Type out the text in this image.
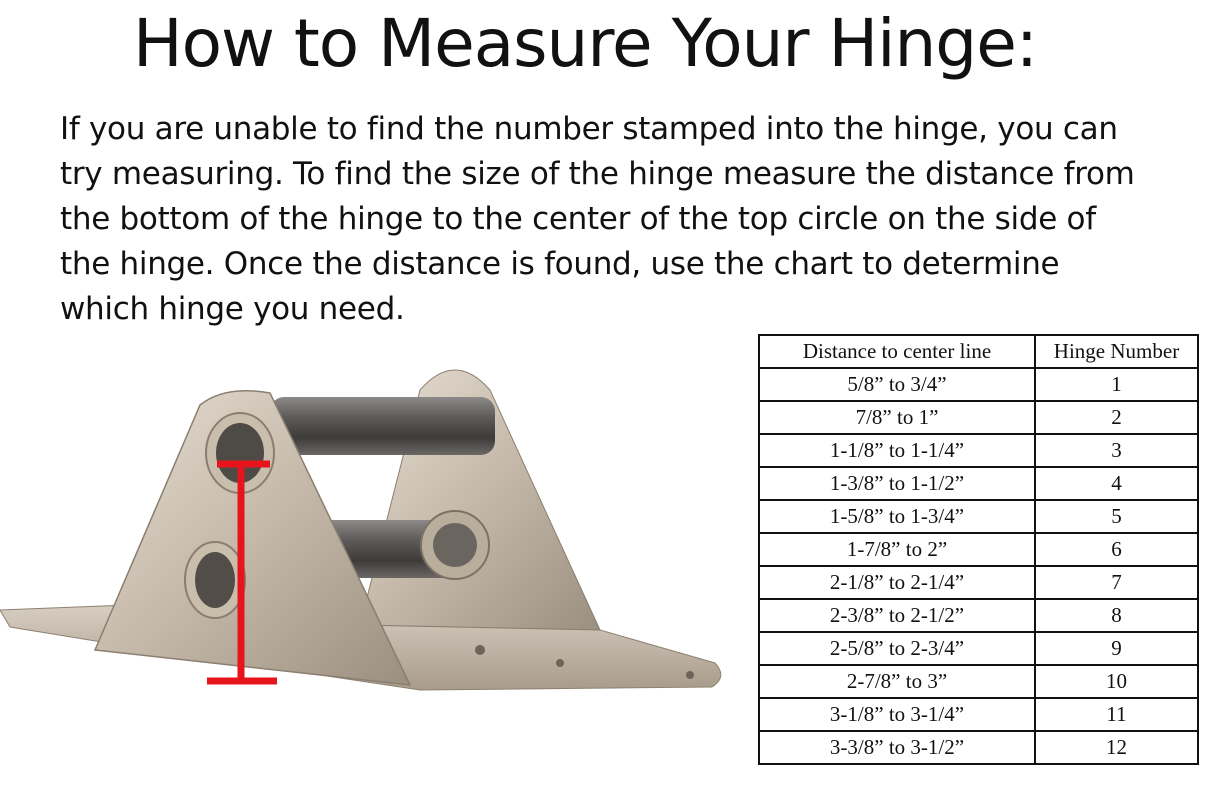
How to Measure Your Hinge:

If you are unable to find the number stamped into the hinge, you can try measuring. To find the size of the hinge measure the distance from the bottom of the hinge to the center of the top circle on the side of the hinge. Once the distance is found, use the chart to determine which hinge you need.

Distance to center line	Hinge Number
5/8” to 3/4”	1
7/8” to 1”	2
1-1/8” to 1-1/4”	3
1-3/8” to 1-1/2”	4
1-5/8” to 1-3/4”	5
1-7/8” to 2”	6
2-1/8” to 2-1/4”	7
2-3/8” to 2-1/2”	8
2-5/8” to 2-3/4”	9
2-7/8” to 3”	10
3-1/8” to 3-1/4”	11
3-3/8” to 3-1/2”	12
